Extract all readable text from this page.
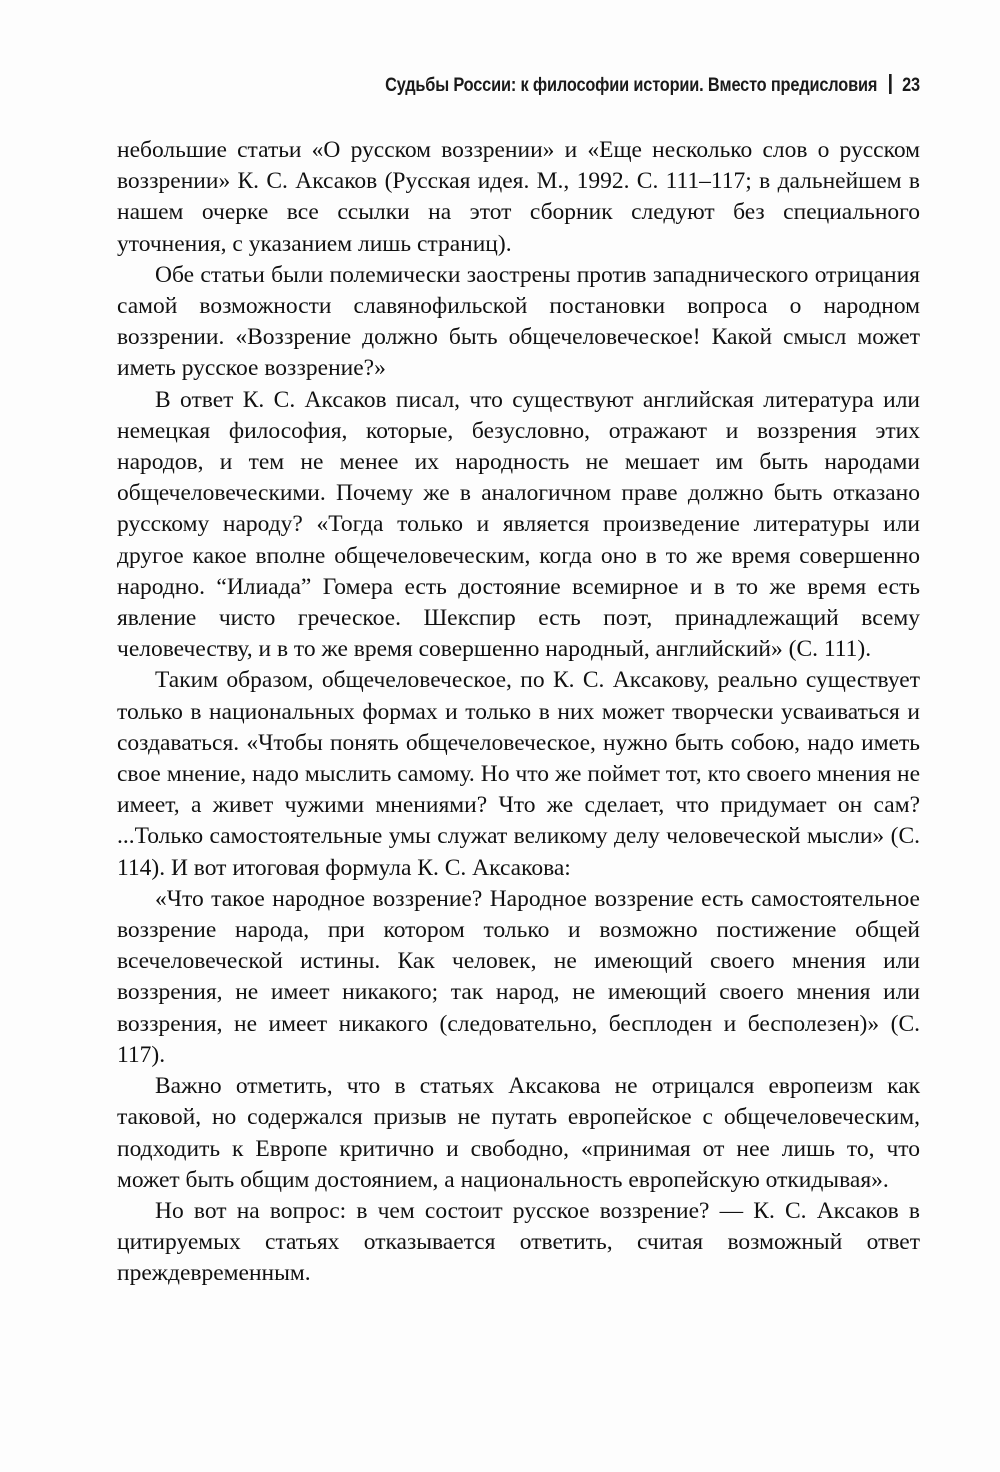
Судьбы России: к философии истории. Вместо предисловия 23

небольшие статьи «О русском воззрении» и «Еще несколько слов о русском воззрении» К. С. Аксаков (Русская идея. М., 1992. С. 111–117; в дальнейшем в нашем очерке все ссылки на этот сборник следуют без специального уточнения, с указанием лишь страниц).

Обе статьи были полемически заострены против западнического отрицания самой возможности славянофильской постановки вопроса о народном воззрении. «Воззрение должно быть общечеловеческое! Какой смысл может иметь русское воззрение?»

В ответ К. С. Аксаков писал, что существуют английская литература или немецкая философия, которые, безусловно, отражают и воззрения этих народов, и тем не менее их народность не мешает им быть народами общечеловеческими. Почему же в аналогичном праве должно быть отказано русскому народу? «Тогда только и является произведение литературы или другое какое вполне общечеловеческим, когда оно в то же время совершенно народно. “Илиада” Гомера есть достояние всемирное и в то же время есть явление чисто греческое. Шекспир есть поэт, принадлежащий всему человечеству, и в то же время совершенно народный, английский» (С. 111).

Таким образом, общечеловеческое, по К. С. Аксакову, реально существует только в национальных формах и только в них может творчески усваиваться и создаваться. «Чтобы понять общечеловеческое, нужно быть собою, надо иметь свое мнение, надо мыслить самому. Но что же поймет тот, кто своего мнения не имеет, а живет чужими мнениями? Что же сделает, что придумает он сам? ...Только самостоятельные умы служат великому делу человеческой мысли» (С. 114). И вот итоговая формула К. С. Аксакова:

«Что такое народное воззрение? Народное воззрение есть самостоятельное воззрение народа, при котором только и возможно постижение общей всечеловеческой истины. Как человек, не имеющий своего мнения или воззрения, не имеет никакого; так народ, не имеющий своего мнения или воззрения, не имеет никакого (следовательно, бесплоден и бесполезен)» (С. 117).

Важно отметить, что в статьях Аксакова не отрицался европеизм как таковой, но содержался призыв не путать европейское с общечеловеческим, подходить к Европе критично и свободно, «принимая от нее лишь то, что может быть общим достоянием, а национальность европейскую откидывая».

Но вот на вопрос: в чем состоит русское воззрение? — К. С. Аксаков в цитируемых статьях отказывается ответить, считая возможный ответ преждевременным.
